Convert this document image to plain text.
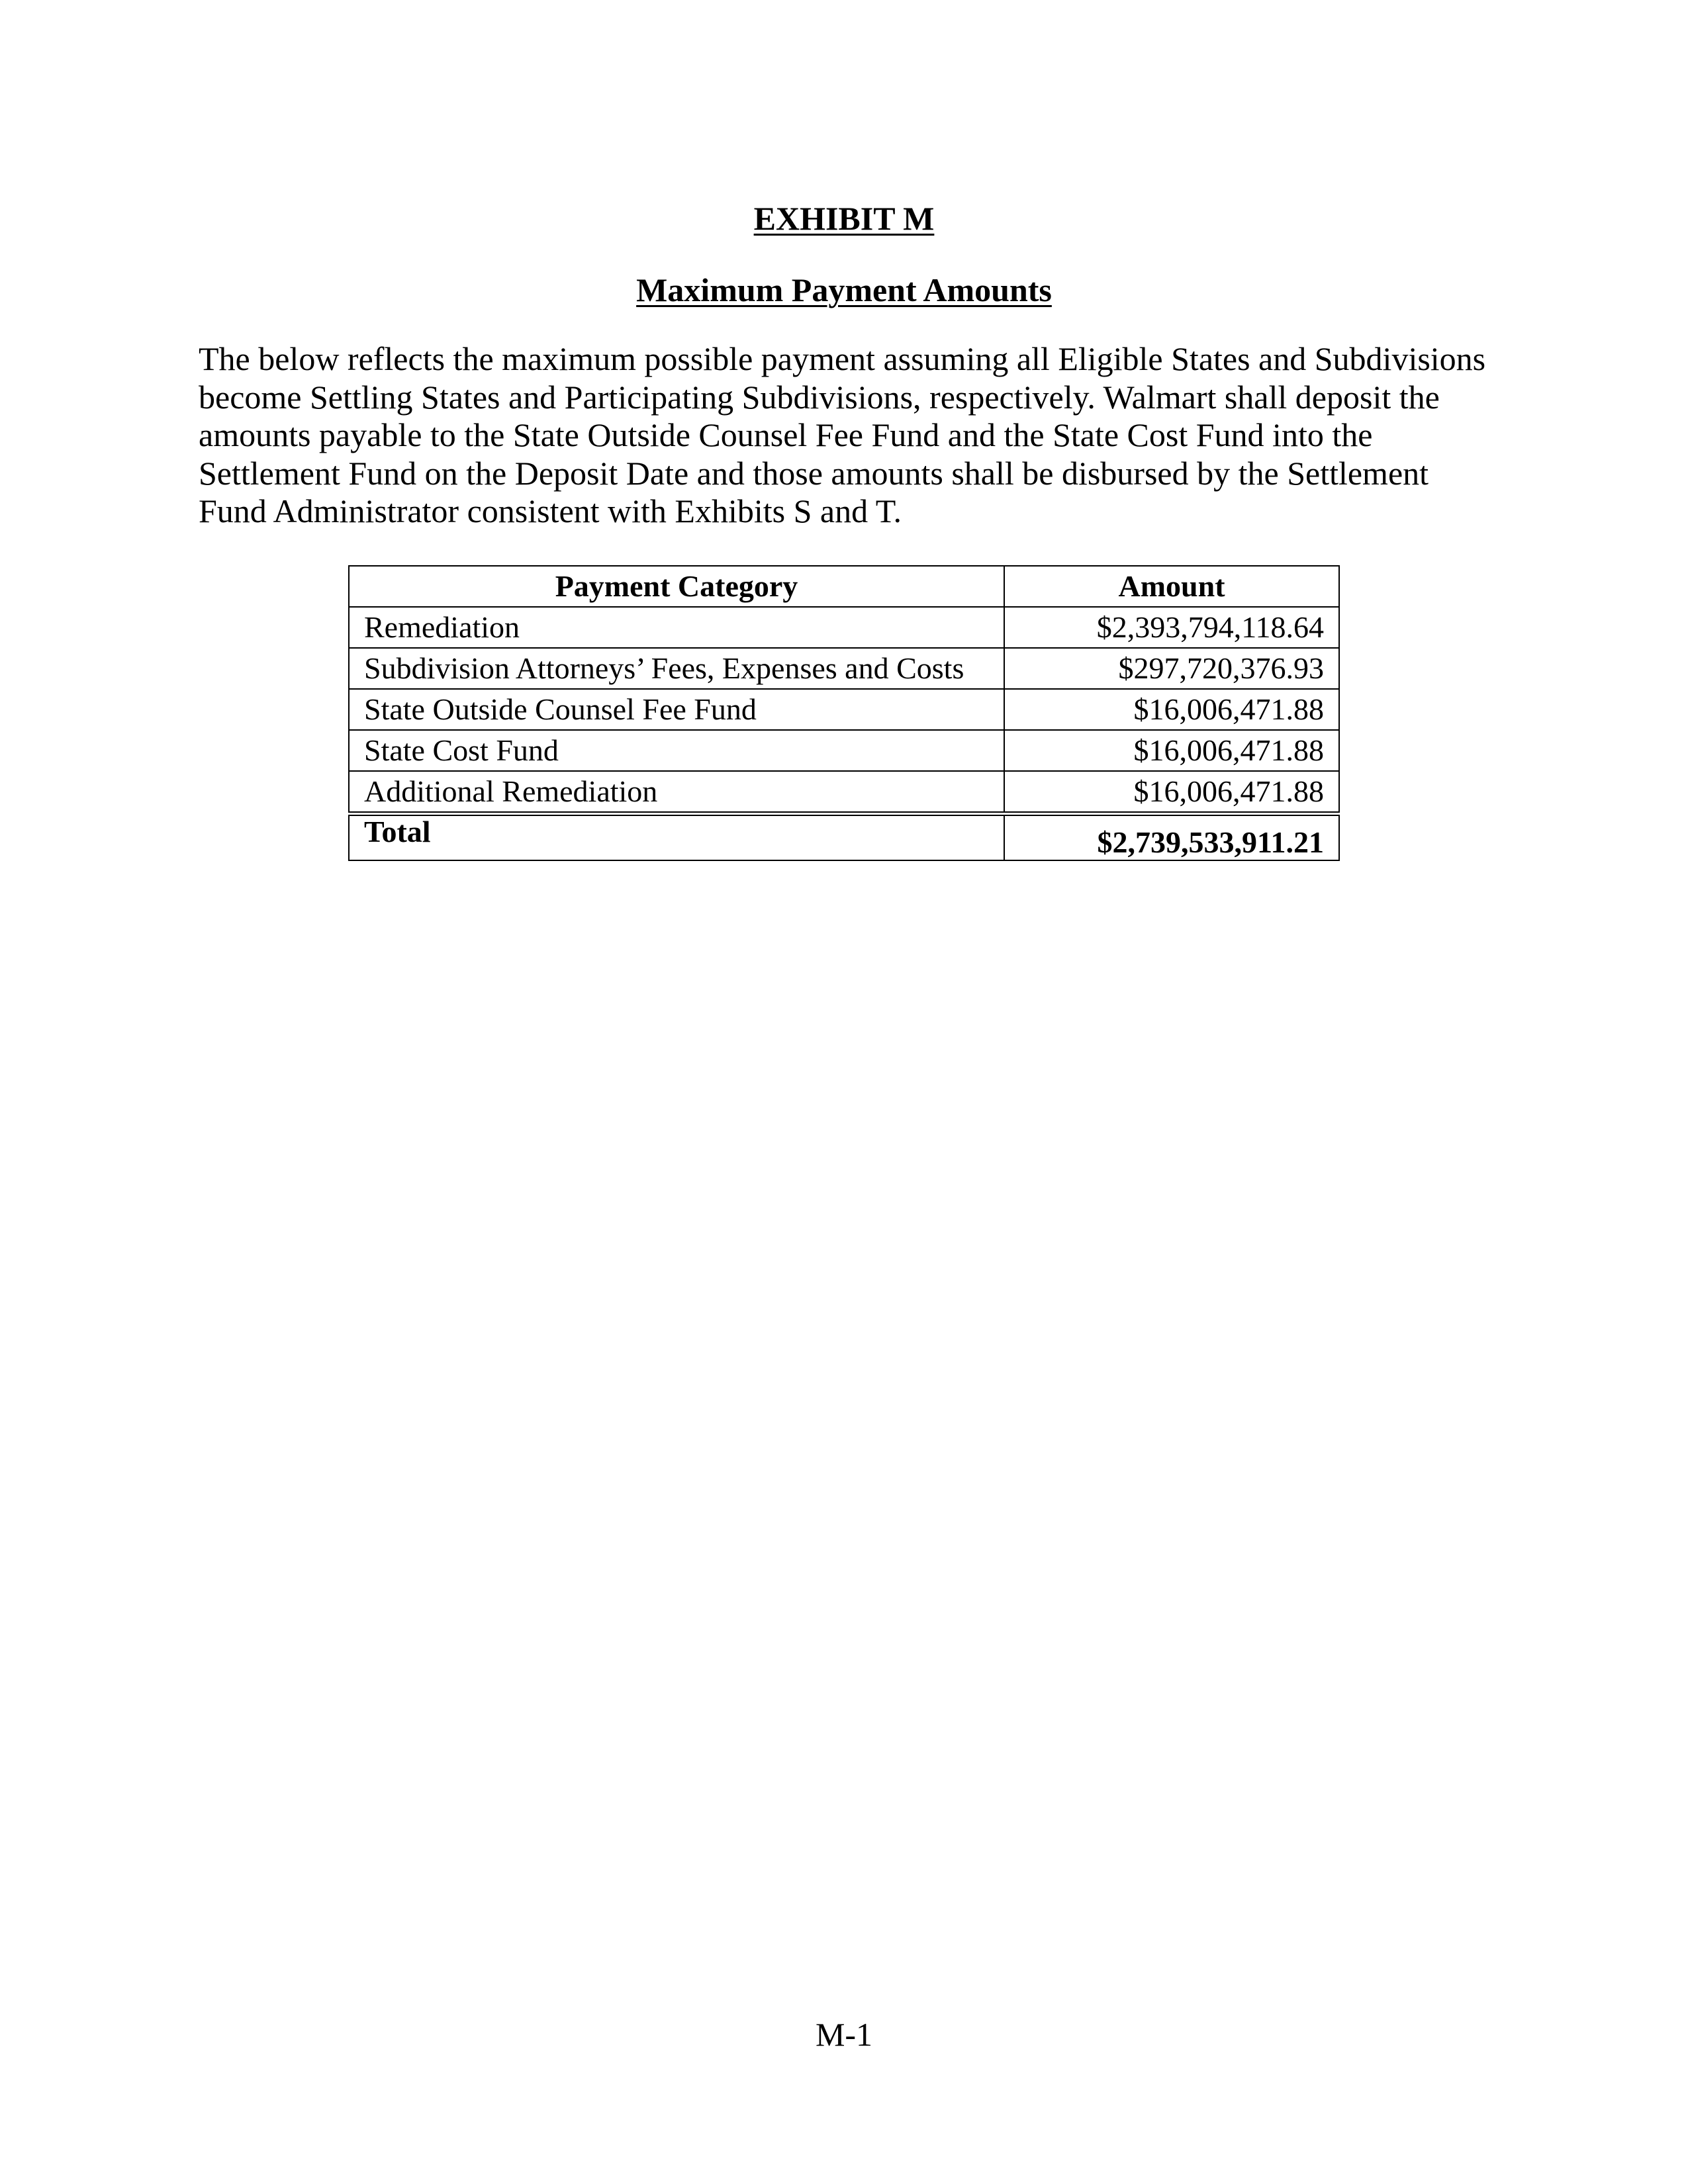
EXHIBIT M
Maximum Payment Amounts

The below reflects the maximum possible payment assuming all Eligible States and Subdivisions
become Settling States and Participating Subdivisions, respectively. Walmart shall deposit the
amounts payable to the State Outside Counsel Fee Fund and the State Cost Fund into the
Settlement Fund on the Deposit Date and those amounts shall be disbursed by the Settlement
Fund Administrator consistent with Exhibits S and T.

Payment Category	Amount
Remediation	$2,393,794,118.64
Subdivision Attorneys’ Fees, Expenses and Costs	$297,720,376.93
State Outside Counsel Fee Fund	$16,006,471.88
State Cost Fund	$16,006,471.88
Additional Remediation	$16,006,471.88
Total	$2,739,533,911.21
M-1
